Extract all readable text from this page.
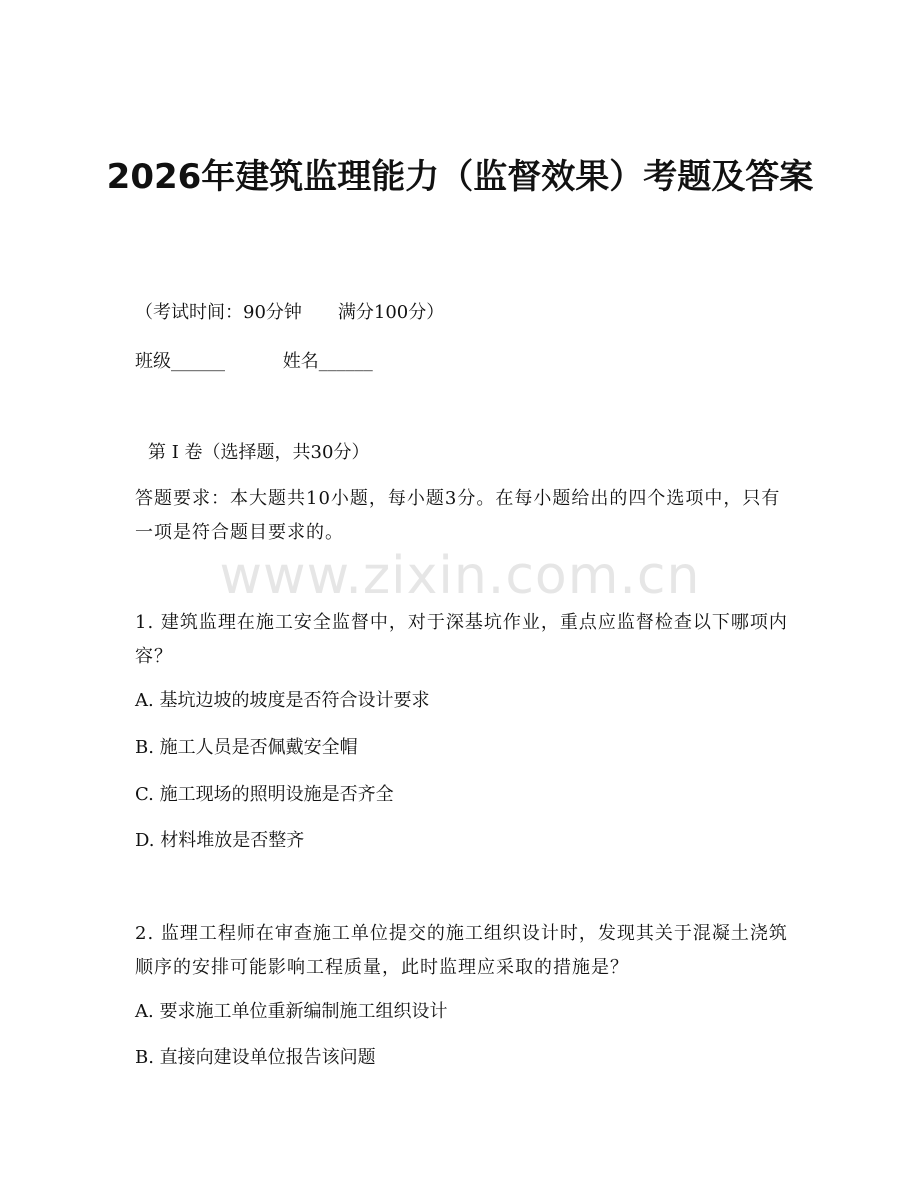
www.zixin.com.cn
2026年建筑监理能力（监督效果）考题及答案
（考试时间：90分钟　　满分100分）
班级______	姓名______
第 I 卷（选择题，共30分）
答题要求：本大题共10小题，每小题3分。在每小题给出的四个选项中，只有一项是符合题目要求的。
1. 建筑监理在施工安全监督中，对于深基坑作业，重点应监督检查以下哪项内容？
A. 基坑边坡的坡度是否符合设计要求
B. 施工人员是否佩戴安全帽
C. 施工现场的照明设施是否齐全
D. 材料堆放是否整齐
2. 监理工程师在审查施工单位提交的施工组织设计时，发现其关于混凝土浇筑顺序的安排可能影响工程质量，此时监理应采取的措施是？
A. 要求施工单位重新编制施工组织设计
B. 直接向建设单位报告该问题
